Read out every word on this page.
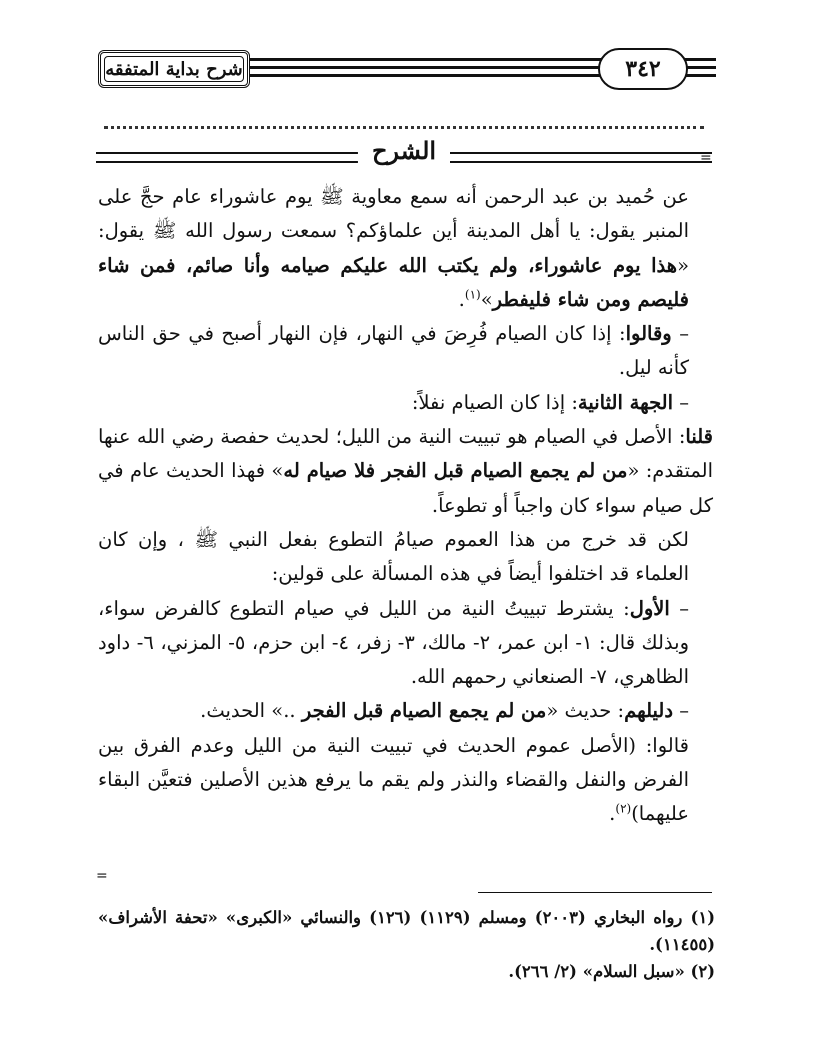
شرح بداية المتفقه	٣٤٢
الشرح	=

عن حُميد بن عبد الرحمن أنه سمع معاوية ﷺ يوم عاشوراء عام حجَّ على المنبر يقول: يا أهل المدينة أين علماؤكم؟ سمعت رسول الله ﷺ يقول: «هذا يوم عاشوراء، ولم يكتب الله عليكم صيامه وأنا صائم، فمن شاء فليصم ومن شاء فليفطر»$^{(١)}$.

– وقالوا: إذا كان الصيام فُرِضَ في النهار، فإن النهار أصبح في حق الناس كأنه ليل.

– الجهة الثانية: إذا كان الصيام نفلاً:

قلنا: الأصل في الصيام هو تبييت النية من الليل؛ لحديث حفصة رضي الله عنها المتقدم: «من لم يجمع الصيام قبل الفجر فلا صيام له» فهذا الحديث عام في كل صيام سواء كان واجباً أو تطوعاً.

لكن قد خرج من هذا العموم صيامُ التطوع بفعل النبي ﷺ ، وإن كان العلماء قد اختلفوا أيضاً في هذه المسألة على قولين:

– الأول: يشترط تبييتُ النية من الليل في صيام التطوع كالفرض سواء، وبذلك قال: ١- ابن عمر، ٢- مالك، ٣- زفر، ٤- ابن حزم، ٥- المزني، ٦- داود الظاهري، ٧- الصنعاني رحمهم الله.

– دليلهم: حديث «من لم يجمع الصيام قبل الفجر ..» الحديث.

قالوا: (الأصل عموم الحديث في تبييت النية من الليل وعدم الفرق بين الفرض والنفل والقضاء والنذر ولم يقم ما يرفع هذين الأصلين فتعيَّن البقاء عليهما)$^{(٢)}$.

=

(١) رواه البخاري (٢٠٠٣) ومسلم (١١٢٩) (١٢٦) والنسائي «الكبرى» «تحفة الأشراف» (١١٤٥٥).

(٢) «سبل السلام» (٢/ ٢٦٦).
